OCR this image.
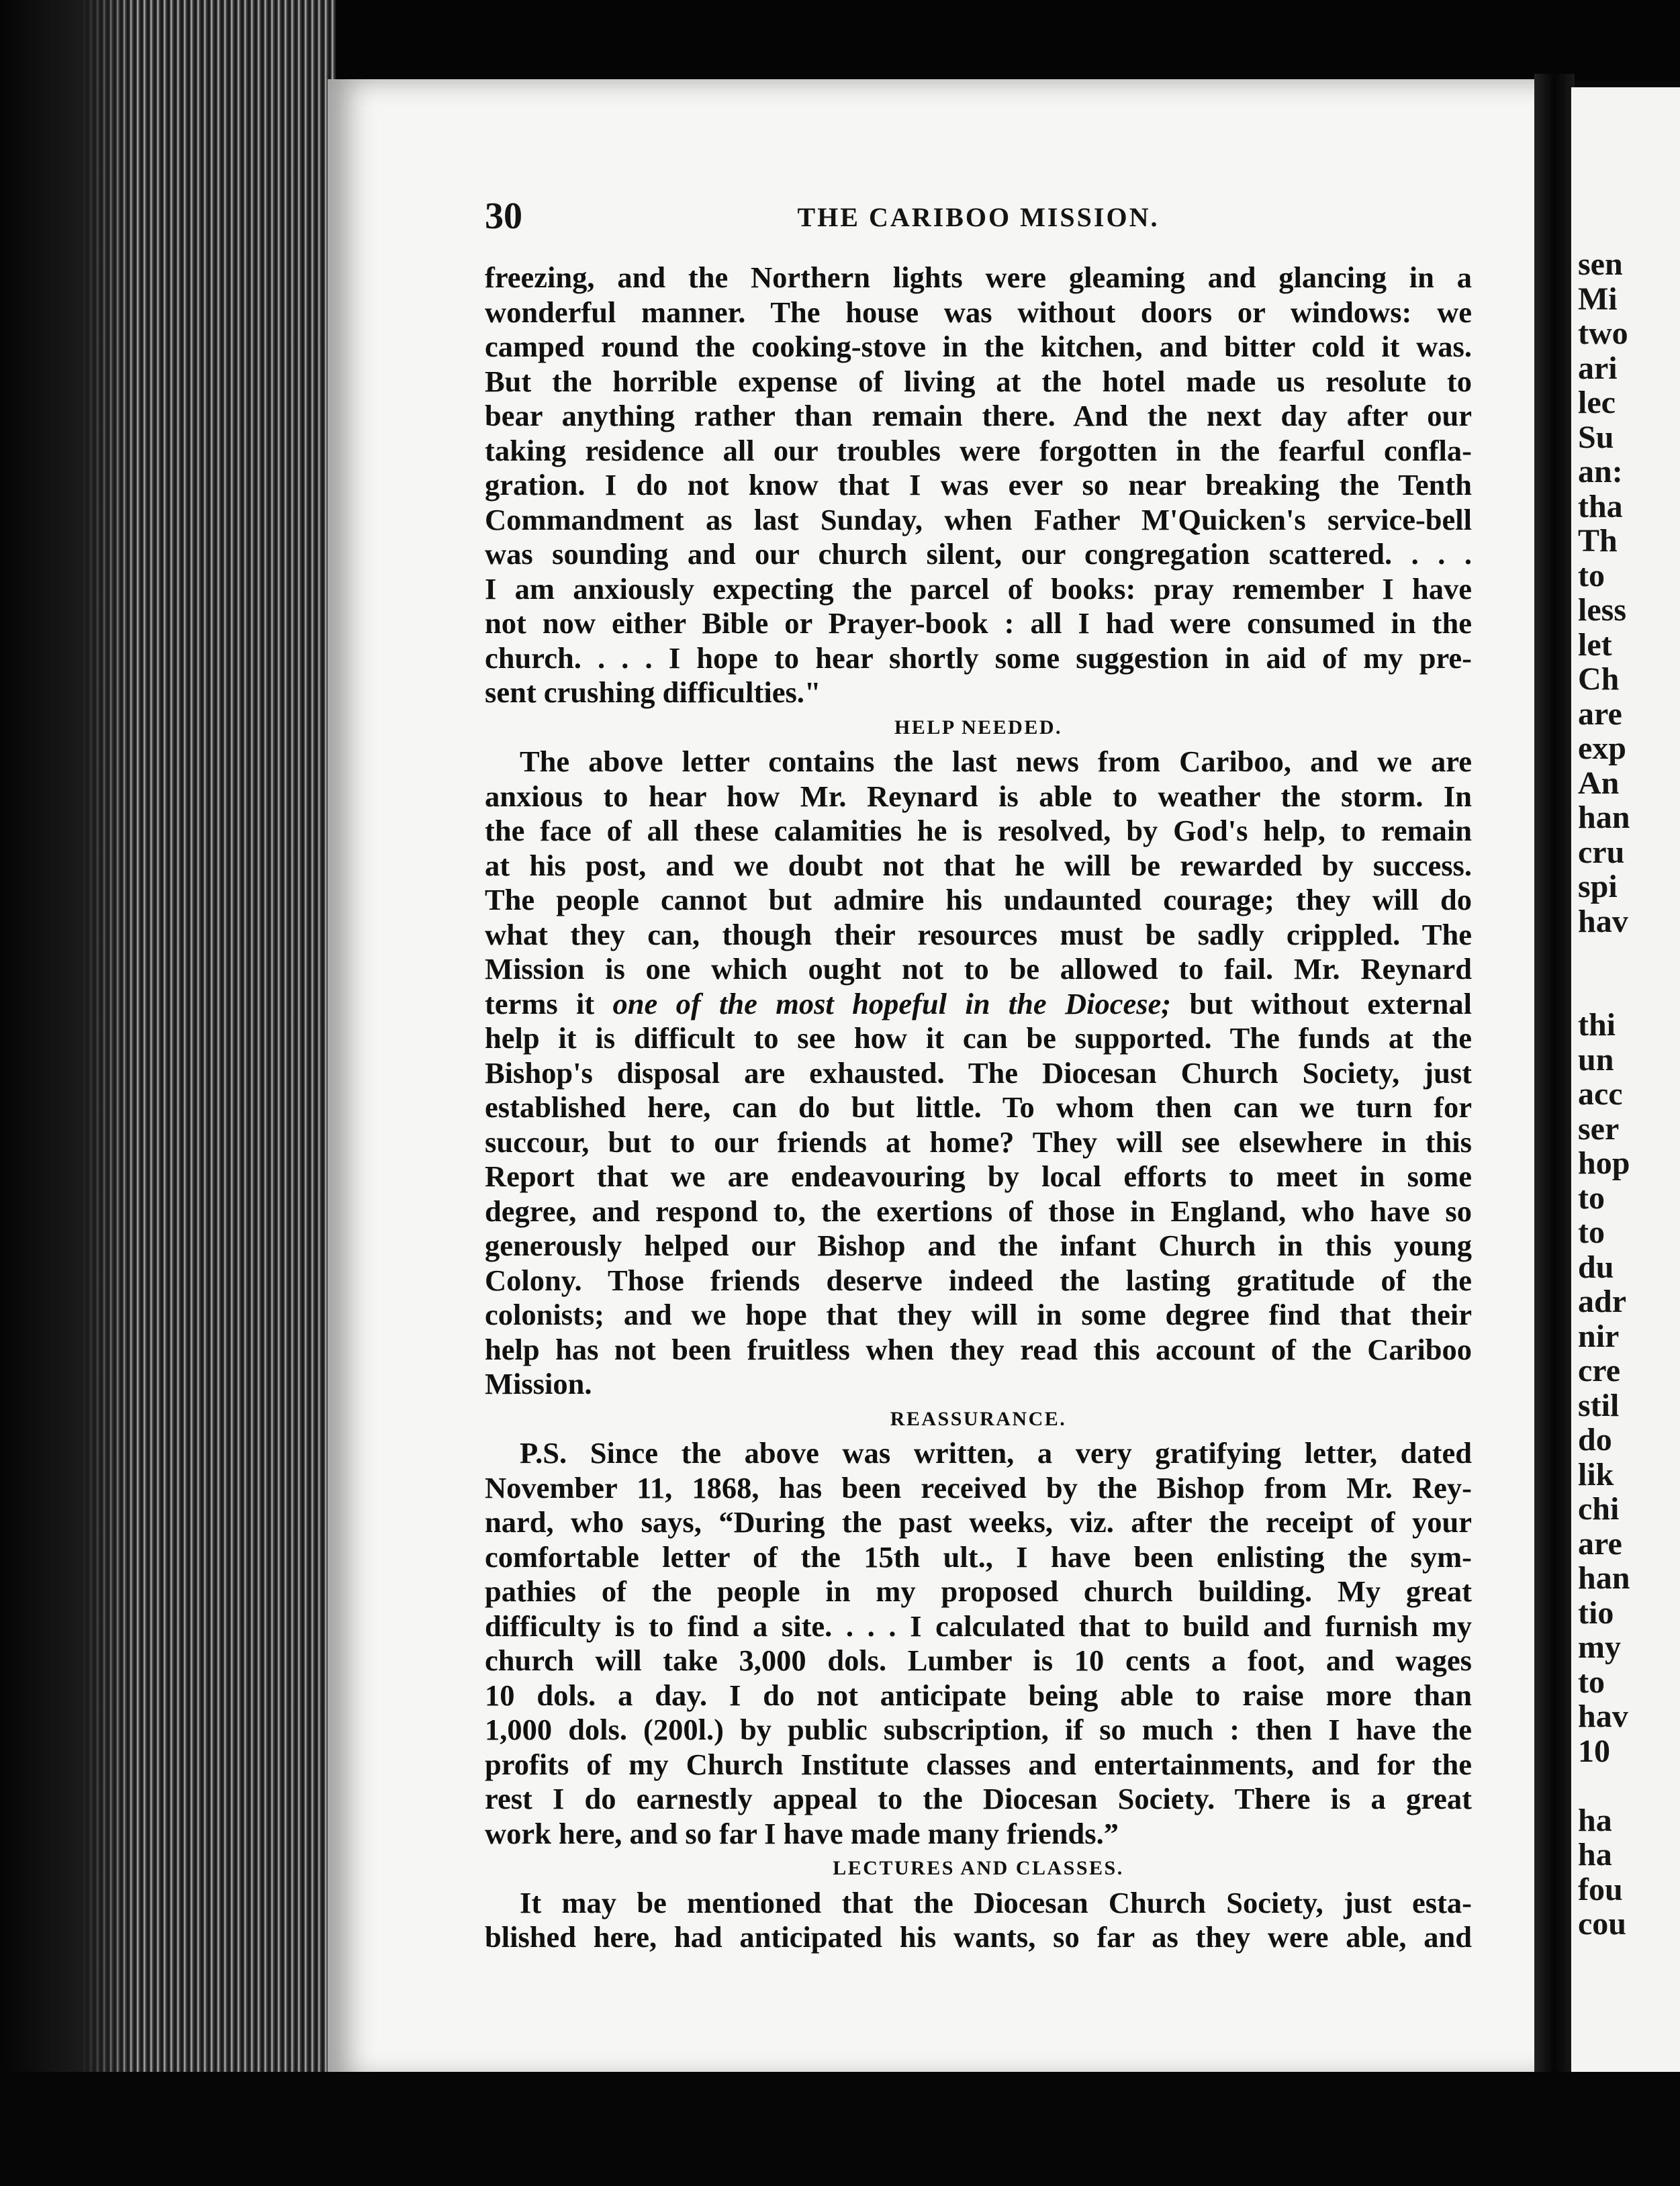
sen
Mi
two
ari
lec
Su
an:
tha
Th
to
less
let
Ch
are
exp
An
han
cru
spi
hav
thi
un
acc
ser
hop
to
to
du
adr
nir
cre
stil
do
lik
chi
are
han
tio
my
to
hav
10
ha
ha
fou
cou
30	THE CARIBOO MISSION.
freezing, and the Northern lights were gleaming and glancing in a
wonderful manner. The house was without doors or windows: we
camped round the cooking-stove in the kitchen, and bitter cold it was.
But the horrible expense of living at the hotel made us resolute to
bear anything rather than remain there. And the next day after our
taking residence all our troubles were forgotten in the fearful confla-
gration. I do not know that I was ever so near breaking the Tenth
Commandment as last Sunday, when Father M'Quicken's service-bell
was sounding and our church silent, our congregation scattered. . . .
I am anxiously expecting the parcel of books: pray remember I have
not now either Bible or Prayer-book : all I had were consumed in the
church. . . . I hope to hear shortly some suggestion in aid of my pre-
sent crushing difficulties."
HELP NEEDED.
The above letter contains the last news from Cariboo, and we are
anxious to hear how Mr. Reynard is able to weather the storm. In
the face of all these calamities he is resolved, by God's help, to remain
at his post, and we doubt not that he will be rewarded by success.
The people cannot but admire his undaunted courage; they will do
what they can, though their resources must be sadly crippled. The
Mission is one which ought not to be allowed to fail. Mr. Reynard
terms it one of the most hopeful in the Diocese; but without external
help it is difficult to see how it can be supported. The funds at the
Bishop's disposal are exhausted. The Diocesan Church Society, just
established here, can do but little. To whom then can we turn for
succour, but to our friends at home? They will see elsewhere in this
Report that we are endeavouring by local efforts to meet in some
degree, and respond to, the exertions of those in England, who have so
generously helped our Bishop and the infant Church in this young
Colony. Those friends deserve indeed the lasting gratitude of the
colonists; and we hope that they will in some degree find that their
help has not been fruitless when they read this account of the Cariboo
Mission.
REASSURANCE.
P.S. Since the above was written, a very gratifying letter, dated
November 11, 1868, has been received by the Bishop from Mr. Rey-
nard, who says, “During the past weeks, viz. after the receipt of your
comfortable letter of the 15th ult., I have been enlisting the sym-
pathies of the people in my proposed church building. My great
difficulty is to find a site. . . . I calculated that to build and furnish my
church will take 3,000 dols. Lumber is 10 cents a foot, and wages
10 dols. a day. I do not anticipate being able to raise more than
1,000 dols. (200l.) by public subscription, if so much : then I have the
profits of my Church Institute classes and entertainments, and for the
rest I do earnestly appeal to the Diocesan Society. There is a great
work here, and so far I have made many friends.”
LECTURES AND CLASSES.
It may be mentioned that the Diocesan Church Society, just esta-
blished here, had anticipated his wants, so far as they were able, and
